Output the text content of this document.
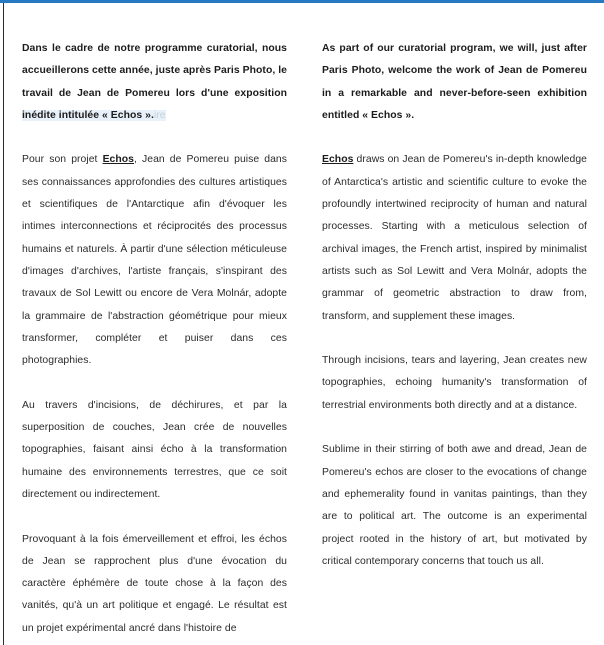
Dans le cadre de notre programme curatorial, nous accueillerons cette année, juste après Paris Photo, le travail de Jean de Pomereu lors d'une exposition inédite intitulée « Echos ».ire

Pour son projet Echos, Jean de Pomereu puise dans ses connaissances approfondies des cultures artistiques et scientifiques de l'Antarctique afin d'évoquer les intimes interconnections et réciprocités des processus humains et naturels. À partir d'une sélection méticuleuse d'images d'archives, l'artiste français, s'inspirant des travaux de Sol Lewitt ou encore de Vera Molnár, adopte la grammaire de l'abstraction géométrique pour mieux transformer, compléter et puiser dans ces photographies.

Au travers d'incisions, de déchirures, et par la superposition de couches, Jean crée de nouvelles topographies, faisant ainsi écho à la transformation humaine des environnements terrestres, que ce soit directement ou indirectement.

Provoquant à la fois émerveillement et effroi, les échos de Jean se rapprochent plus d'une évocation du caractère éphémère de toute chose à la façon des vanités, qu'à un art politique et engagé. Le résultat est un projet expérimental ancré dans l'histoire de

As part of our curatorial program, we will, just after Paris Photo, welcome the work of Jean de Pomereu in a remarkable and never-before-seen exhibition entitled « Echos ».

Echos draws on Jean de Pomereu's in-depth knowledge of Antarctica's artistic and scientific culture to evoke the profoundly intertwined reciprocity of human and natural processes. Starting with a meticulous selection of archival images, the French artist, inspired by minimalist artists such as Sol Lewitt and Vera Molnár, adopts the grammar of geometric abstraction to draw from, transform, and supplement these images.

Through incisions, tears and layering, Jean creates new topographies, echoing humanity's transformation of terrestrial environments both directly and at a distance.

Sublime in their stirring of both awe and dread, Jean de Pomereu's echos are closer to the evocations of change and ephemerality found in vanitas paintings, than they are to political art. The outcome is an experimental project rooted in the history of art, but motivated by critical contemporary concerns that touch us all.
